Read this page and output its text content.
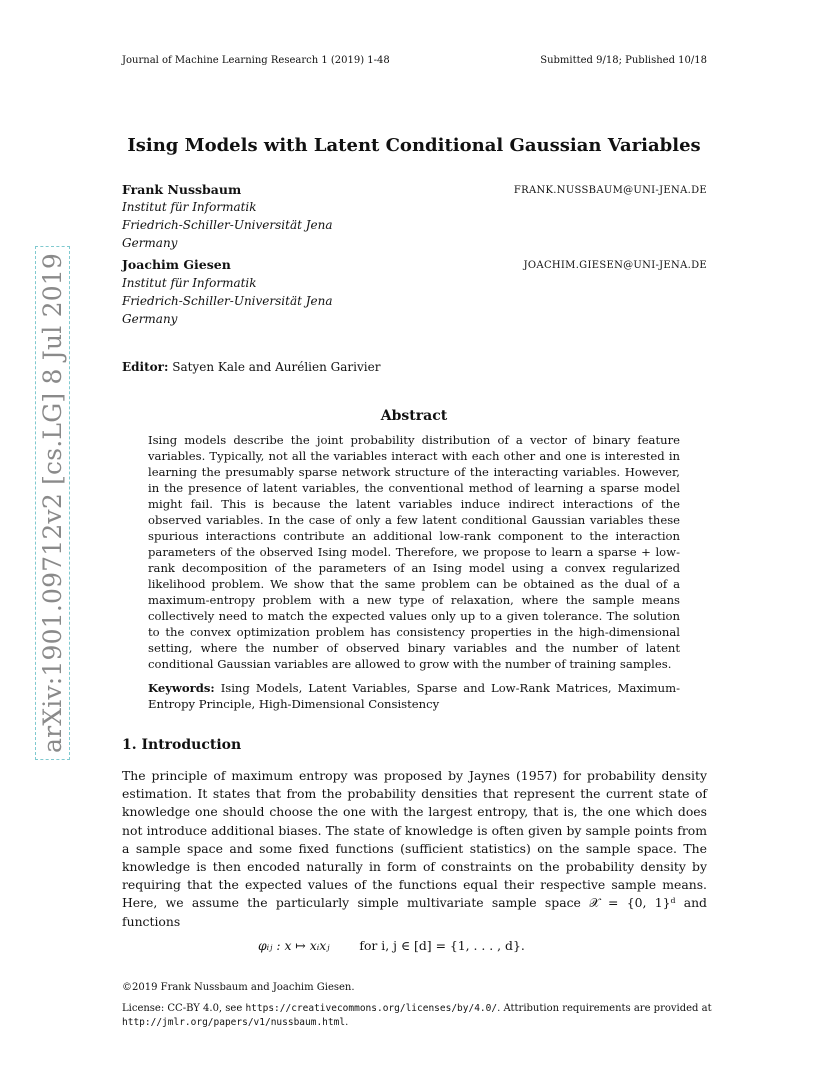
Journal of Machine Learning Research 1 (2019) 1-48	Submitted 9/18; Published 10/18
arXiv:1901.09712v2 [cs.LG] 8 Jul 2019
Ising Models with Latent Conditional Gaussian Variables
Frank Nussbaum	FRANK.NUSSBAUM@UNI-JENA.DE
Institut für Informatik
Friedrich-Schiller-Universität Jena
Germany
Joachim Giesen	JOACHIM.GIESEN@UNI-JENA.DE
Institut für Informatik
Friedrich-Schiller-Universität Jena
Germany
Editor: Satyen Kale and Aurélien Garivier
Abstract
Ising models describe the joint probability distribution of a vector of binary feature variables. Typically, not all the variables interact with each other and one is interested in learning the presumably sparse network structure of the interacting variables. However, in the presence of latent variables, the conventional method of learning a sparse model might fail. This is because the latent variables induce indirect interactions of the observed variables. In the case of only a few latent conditional Gaussian variables these spurious interactions contribute an additional low-rank component to the interaction parameters of the observed Ising model. Therefore, we propose to learn a sparse + low-rank decomposition of the parameters of an Ising model using a convex regularized likelihood problem. We show that the same problem can be obtained as the dual of a maximum-entropy problem with a new type of relaxation, where the sample means collectively need to match the expected values only up to a given tolerance. The solution to the convex optimization problem has consistency properties in the high-dimensional setting, where the number of observed binary variables and the number of latent conditional Gaussian variables are allowed to grow with the number of training samples.
Keywords: Ising Models, Latent Variables, Sparse and Low-Rank Matrices, Maximum-Entropy Principle, High-Dimensional Consistency
1. Introduction
The principle of maximum entropy was proposed by Jaynes (1957) for probability density estimation. It states that from the probability densities that represent the current state of knowledge one should choose the one with the largest entropy, that is, the one which does not introduce additional biases. The state of knowledge is often given by sample points from a sample space and some fixed functions (sufficient statistics) on the sample space. The knowledge is then encoded naturally in form of constraints on the probability density by requiring that the expected values of the functions equal their respective sample means. Here, we assume the particularly simple multivariate sample space 𝒳 = {0, 1}ᵈ and functions
φᵢⱼ : x ↦ xᵢxⱼ for i, j ∈ [d] = {1, . . . , d}.
©2019 Frank Nussbaum and Joachim Giesen.
License: CC-BY 4.0, see https://creativecommons.org/licenses/by/4.0/. Attribution requirements are provided at http://jmlr.org/papers/v1/nussbaum.html.
